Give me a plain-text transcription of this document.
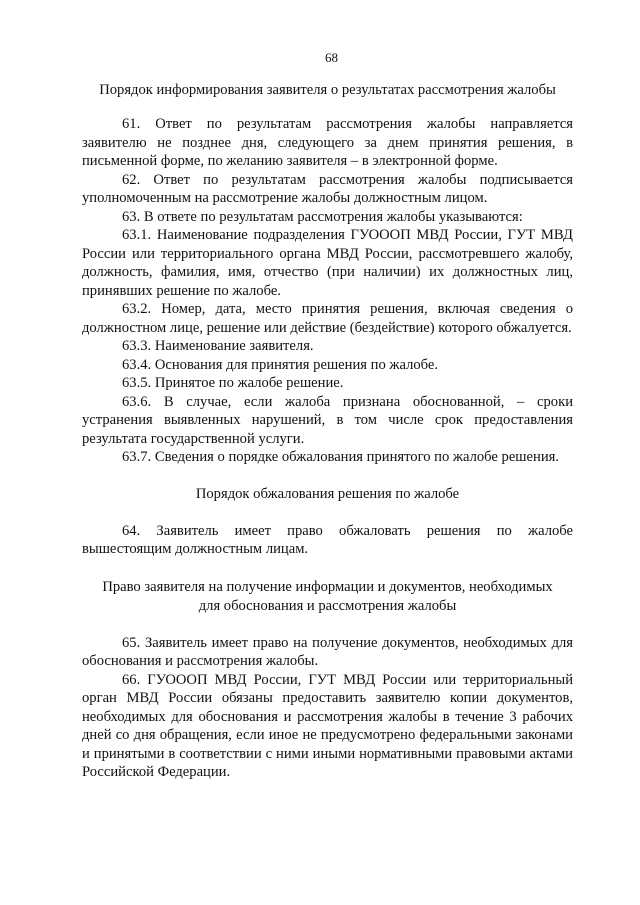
68
Порядок информирования заявителя о результатах рассмотрения жалобы

61. Ответ по результатам рассмотрения жалобы направляется заявителю не позднее дня, следующего за днем принятия решения, в письменной форме, по желанию заявителя – в электронной форме.

62. Ответ по результатам рассмотрения жалобы подписывается уполномоченным на рассмотрение жалобы должностным лицом.

63. В ответе по результатам рассмотрения жалобы указываются:

63.1. Наименование подразделения ГУОООП МВД России, ГУТ МВД России или территориального органа МВД России, рассмотревшего жалобу, должность, фамилия, имя, отчество (при наличии) их должностных лиц, принявших решение по жалобе.

63.2. Номер, дата, место принятия решения, включая сведения о должностном лице, решение или действие (бездействие) которого обжалуется.

63.3. Наименование заявителя.

63.4. Основания для принятия решения по жалобе.

63.5. Принятое по жалобе решение.

63.6. В случае, если жалоба признана обоснованной, – сроки устранения выявленных нарушений, в том числе срок предоставления результата государственной услуги.

63.7. Сведения о порядке обжалования принятого по жалобе решения.

Порядок обжалования решения по жалобе

64. Заявитель имеет право обжаловать решения по жалобе вышестоящим должностным лицам.

Право заявителя на получение информации и документов, необходимых
для обоснования и рассмотрения жалобы

65. Заявитель имеет право на получение документов, необходимых для обоснования и рассмотрения жалобы.

66. ГУОООП МВД России, ГУТ МВД России или территориальный орган МВД России обязаны предоставить заявителю копии документов, необходимых для обоснования и рассмотрения жалобы в течение 3 рабочих дней со дня обращения, если иное не предусмотрено федеральными законами и принятыми в соответствии с ними иными нормативными правовыми актами Российской Федерации.
